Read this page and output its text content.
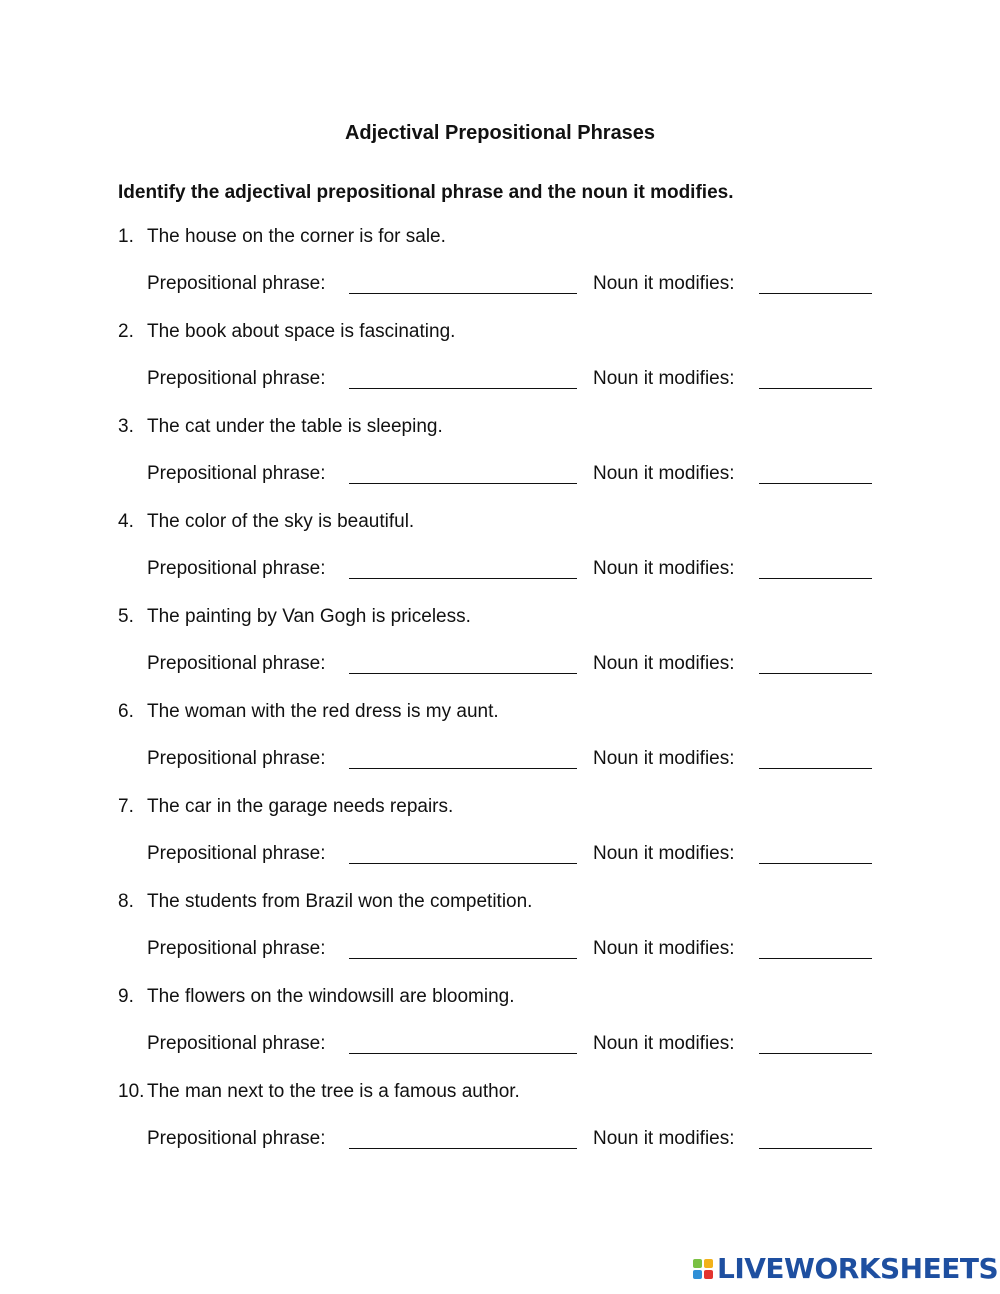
Adjectival Prepositional Phrases
Identify the adjectival prepositional phrase and the noun it modifies.
1. The house on the corner is for sale.
Prepositional phrase:	Noun it modifies:
2. The book about space is fascinating.
Prepositional phrase:	Noun it modifies:
3. The cat under the table is sleeping.
Prepositional phrase:	Noun it modifies:
4. The color of the sky is beautiful.
Prepositional phrase:	Noun it modifies:
5. The painting by Van Gogh is priceless.
Prepositional phrase:	Noun it modifies:
6. The woman with the red dress is my aunt.
Prepositional phrase:	Noun it modifies:
7. The car in the garage needs repairs.
Prepositional phrase:	Noun it modifies:
8. The students from Brazil won the competition.
Prepositional phrase:	Noun it modifies:
9. The flowers on the windowsill are blooming.
Prepositional phrase:	Noun it modifies:
10. The man next to the tree is a famous author.
Prepositional phrase:	Noun it modifies:
LIVEWORKSHEETS
